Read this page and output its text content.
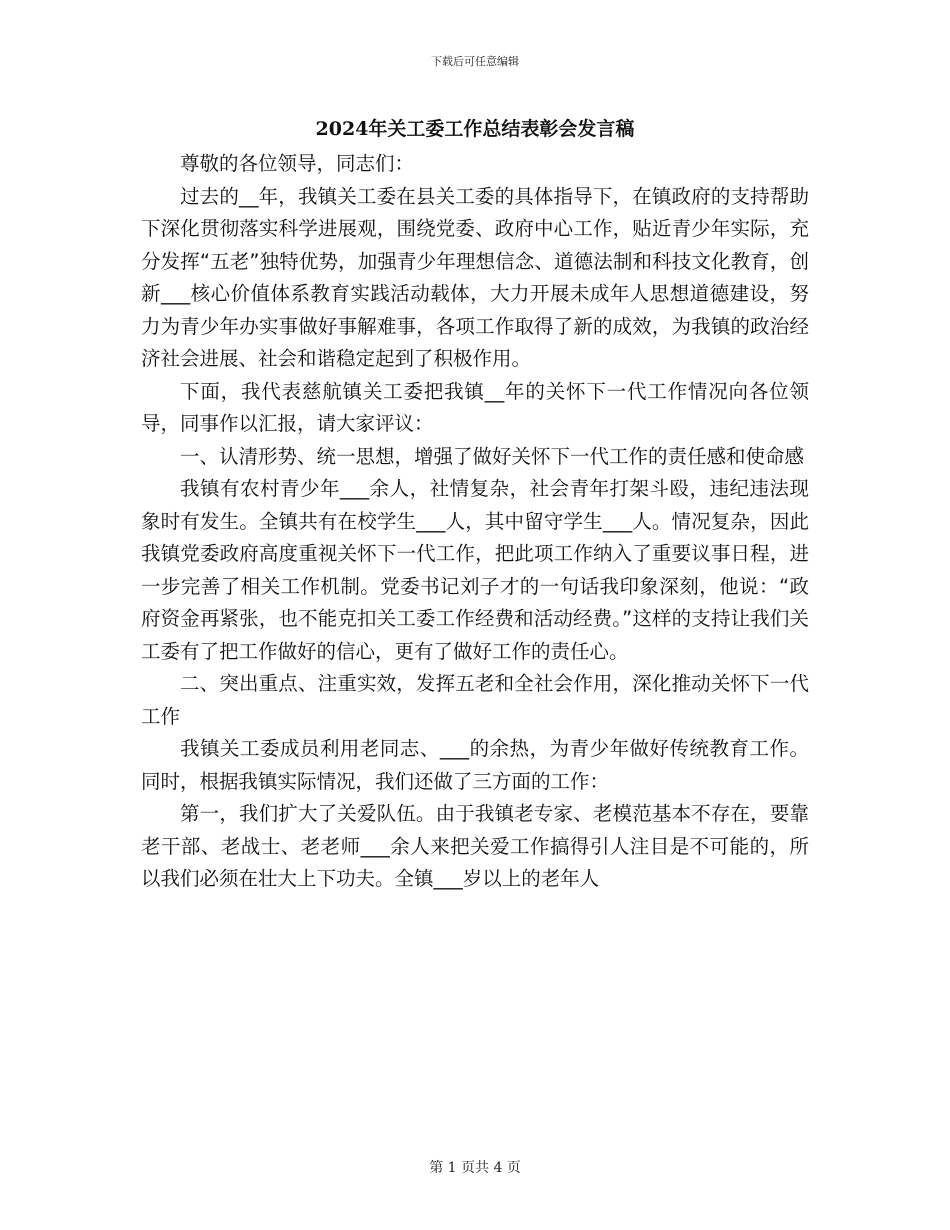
下载后可任意编辑
2024年关工委工作总结表彰会发言稿

尊敬的各位领导，同志们：

过去的__年，我镇关工委在县关工委的具体指导下，在镇政府的支持帮助下深化贯彻落实科学进展观，围绕党委、政府中心工作，贴近青少年实际，充分发挥“五老”独特优势，加强青少年理想信念、道德法制和科技文化教育，创新___核心价值体系教育实践活动载体，大力开展未成年人思想道德建设，努力为青少年办实事做好事解难事，各项工作取得了新的成效，为我镇的政治经济社会进展、社会和谐稳定起到了积极作用。

下面，我代表慈航镇关工委把我镇__年的关怀下一代工作情况向各位领导，同事作以汇报，请大家评议：

一、认清形势、统一思想，增强了做好关怀下一代工作的责任感和使命感

我镇有农村青少年___余人，社情复杂，社会青年打架斗殴，违纪违法现象时有发生。全镇共有在校学生___人，其中留守学生___人。情况复杂，因此我镇党委政府高度重视关怀下一代工作，把此项工作纳入了重要议事日程，进一步完善了相关工作机制。党委书记刘子才的一句话我印象深刻，他说：“政府资金再紧张，也不能克扣关工委工作经费和活动经费。”这样的支持让我们关工委有了把工作做好的信心，更有了做好工作的责任心。

二、突出重点、注重实效，发挥五老和全社会作用，深化推动关怀下一代工作

我镇关工委成员利用老同志、___的余热，为青少年做好传统教育工作。同时，根据我镇实际情况，我们还做了三方面的工作：

第一，我们扩大了关爱队伍。由于我镇老专家、老模范基本不存在，要靠老干部、老战士、老老师___余人来把关爱工作搞得引人注目是不可能的，所以我们必须在壮大上下功夫。全镇___岁以上的老年人

第 1 页共 4 页
